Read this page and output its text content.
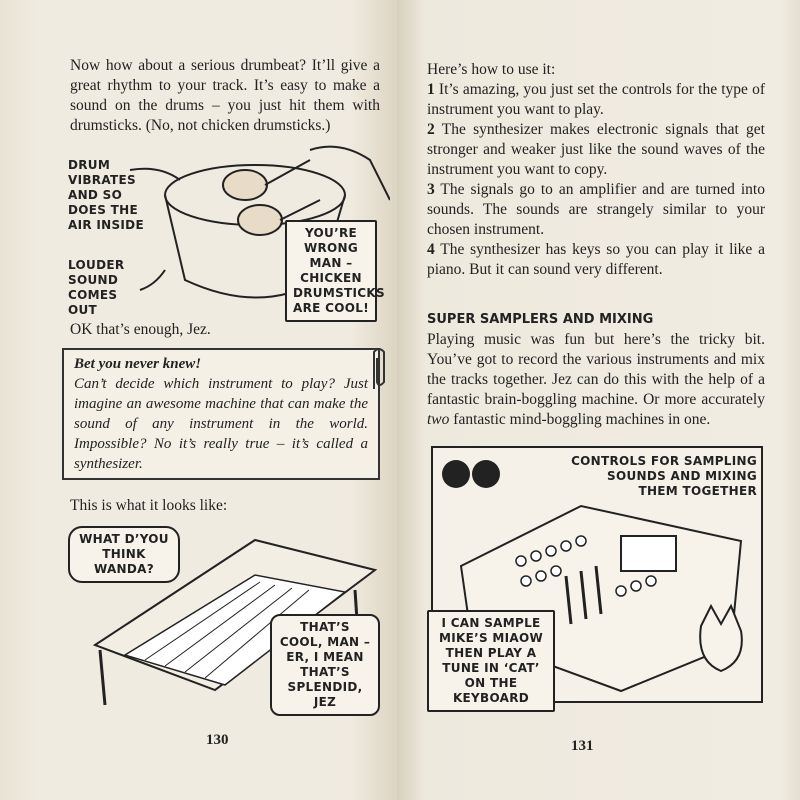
Now how about a serious drumbeat? It’ll give a great rhythm to your track. It’s easy to make a sound on the drums – you just hit them with drumsticks. (No, not chicken drumsticks.)

DRUM VIBRATES AND SO DOES THE AIR INSIDE
LOUDER SOUND COMES OUT
YOU’RE WRONG MAN – CHICKEN DRUMSTICKS ARE COOL!

OK that’s enough, Jez.

Bet you never knew!
Can’t decide which instrument to play? Just imagine an awesome machine that can make the sound of any instrument in the world. Impossible? No it’s really true – it’s called a synthesizer.

This is what it looks like:

WHAT D’YOU THINK WANDA?
THAT’S COOL, MAN – ER, I MEAN THAT’S SPLENDID, JEZ
130
Here’s how to use it:
1 It’s amazing, you just set the controls for the type of instrument you want to play.
2 The synthesizer makes electronic signals that get stronger and weaker just like the sound waves of the instrument you want to copy.
3 The signals go to an amplifier and are turned into sounds. The sounds are strangely similar to your chosen instrument.
4 The synthesizer has keys so you can play it like a piano. But it can sound very different.
SUPER SAMPLERS AND MIXING

Playing music was fun but here’s the tricky bit. You’ve got to record the various instruments and mix the tracks together. Jez can do this with the help of a fantastic brain-boggling machine. Or more accurately two fantastic mind-boggling machines in one.

CONTROLS FOR SAMPLING SOUNDS AND MIXING THEM TOGETHER
I CAN SAMPLE MIKE’S MIAOW THEN PLAY A TUNE IN ‘CAT’ ON THE KEYBOARD
131
